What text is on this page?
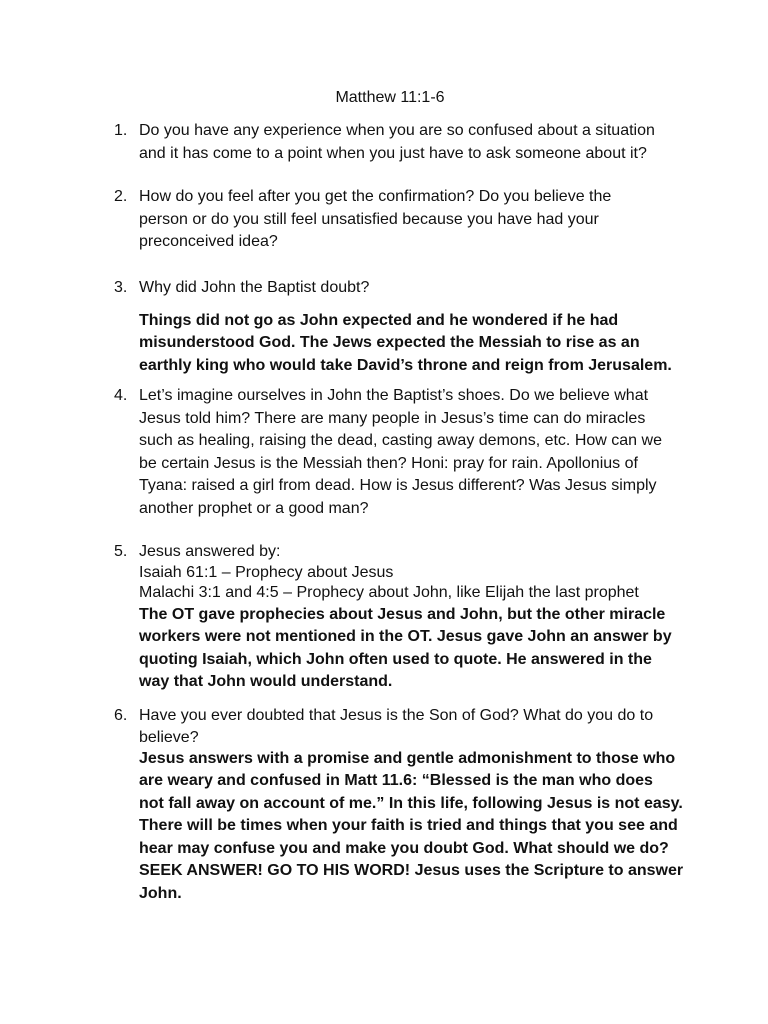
Matthew 11:1-6
1. Do you have any experience when you are so confused about a situation
and it has come to a point when you just have to ask someone about it?
2. How do you feel after you get the confirmation? Do you believe the
person or do you still feel unsatisfied because you have had your
preconceived idea?
3. Why did John the Baptist doubt?
Things did not go as John expected and he wondered if he had
misunderstood God. The Jews expected the Messiah to rise as an
earthly king who would take David’s throne and reign from Jerusalem.
4. Let’s imagine ourselves in John the Baptist’s shoes. Do we believe what
Jesus told him? There are many people in Jesus’s time can do miracles
such as healing, raising the dead, casting away demons, etc. How can we
be certain Jesus is the Messiah then? Honi: pray for rain. Apollonius of
Tyana: raised a girl from dead. How is Jesus different? Was Jesus simply
another prophet or a good man?
5. Jesus answered by:
Isaiah 61:1 – Prophecy about Jesus
Malachi 3:1 and 4:5 – Prophecy about John, like Elijah the last prophet
The OT gave prophecies about Jesus and John, but the other miracle
workers were not mentioned in the OT. Jesus gave John an answer by
quoting Isaiah, which John often used to quote. He answered in the
way that John would understand.
6. Have you ever doubted that Jesus is the Son of God? What do you do to
believe?
Jesus answers with a promise and gentle admonishment to those who
are weary and confused in Matt 11.6: “Blessed is the man who does
not fall away on account of me.” In this life, following Jesus is not easy.
There will be times when your faith is tried and things that you see and
hear may confuse you and make you doubt God. What should we do?
SEEK ANSWER! GO TO HIS WORD! Jesus uses the Scripture to answer
John.
